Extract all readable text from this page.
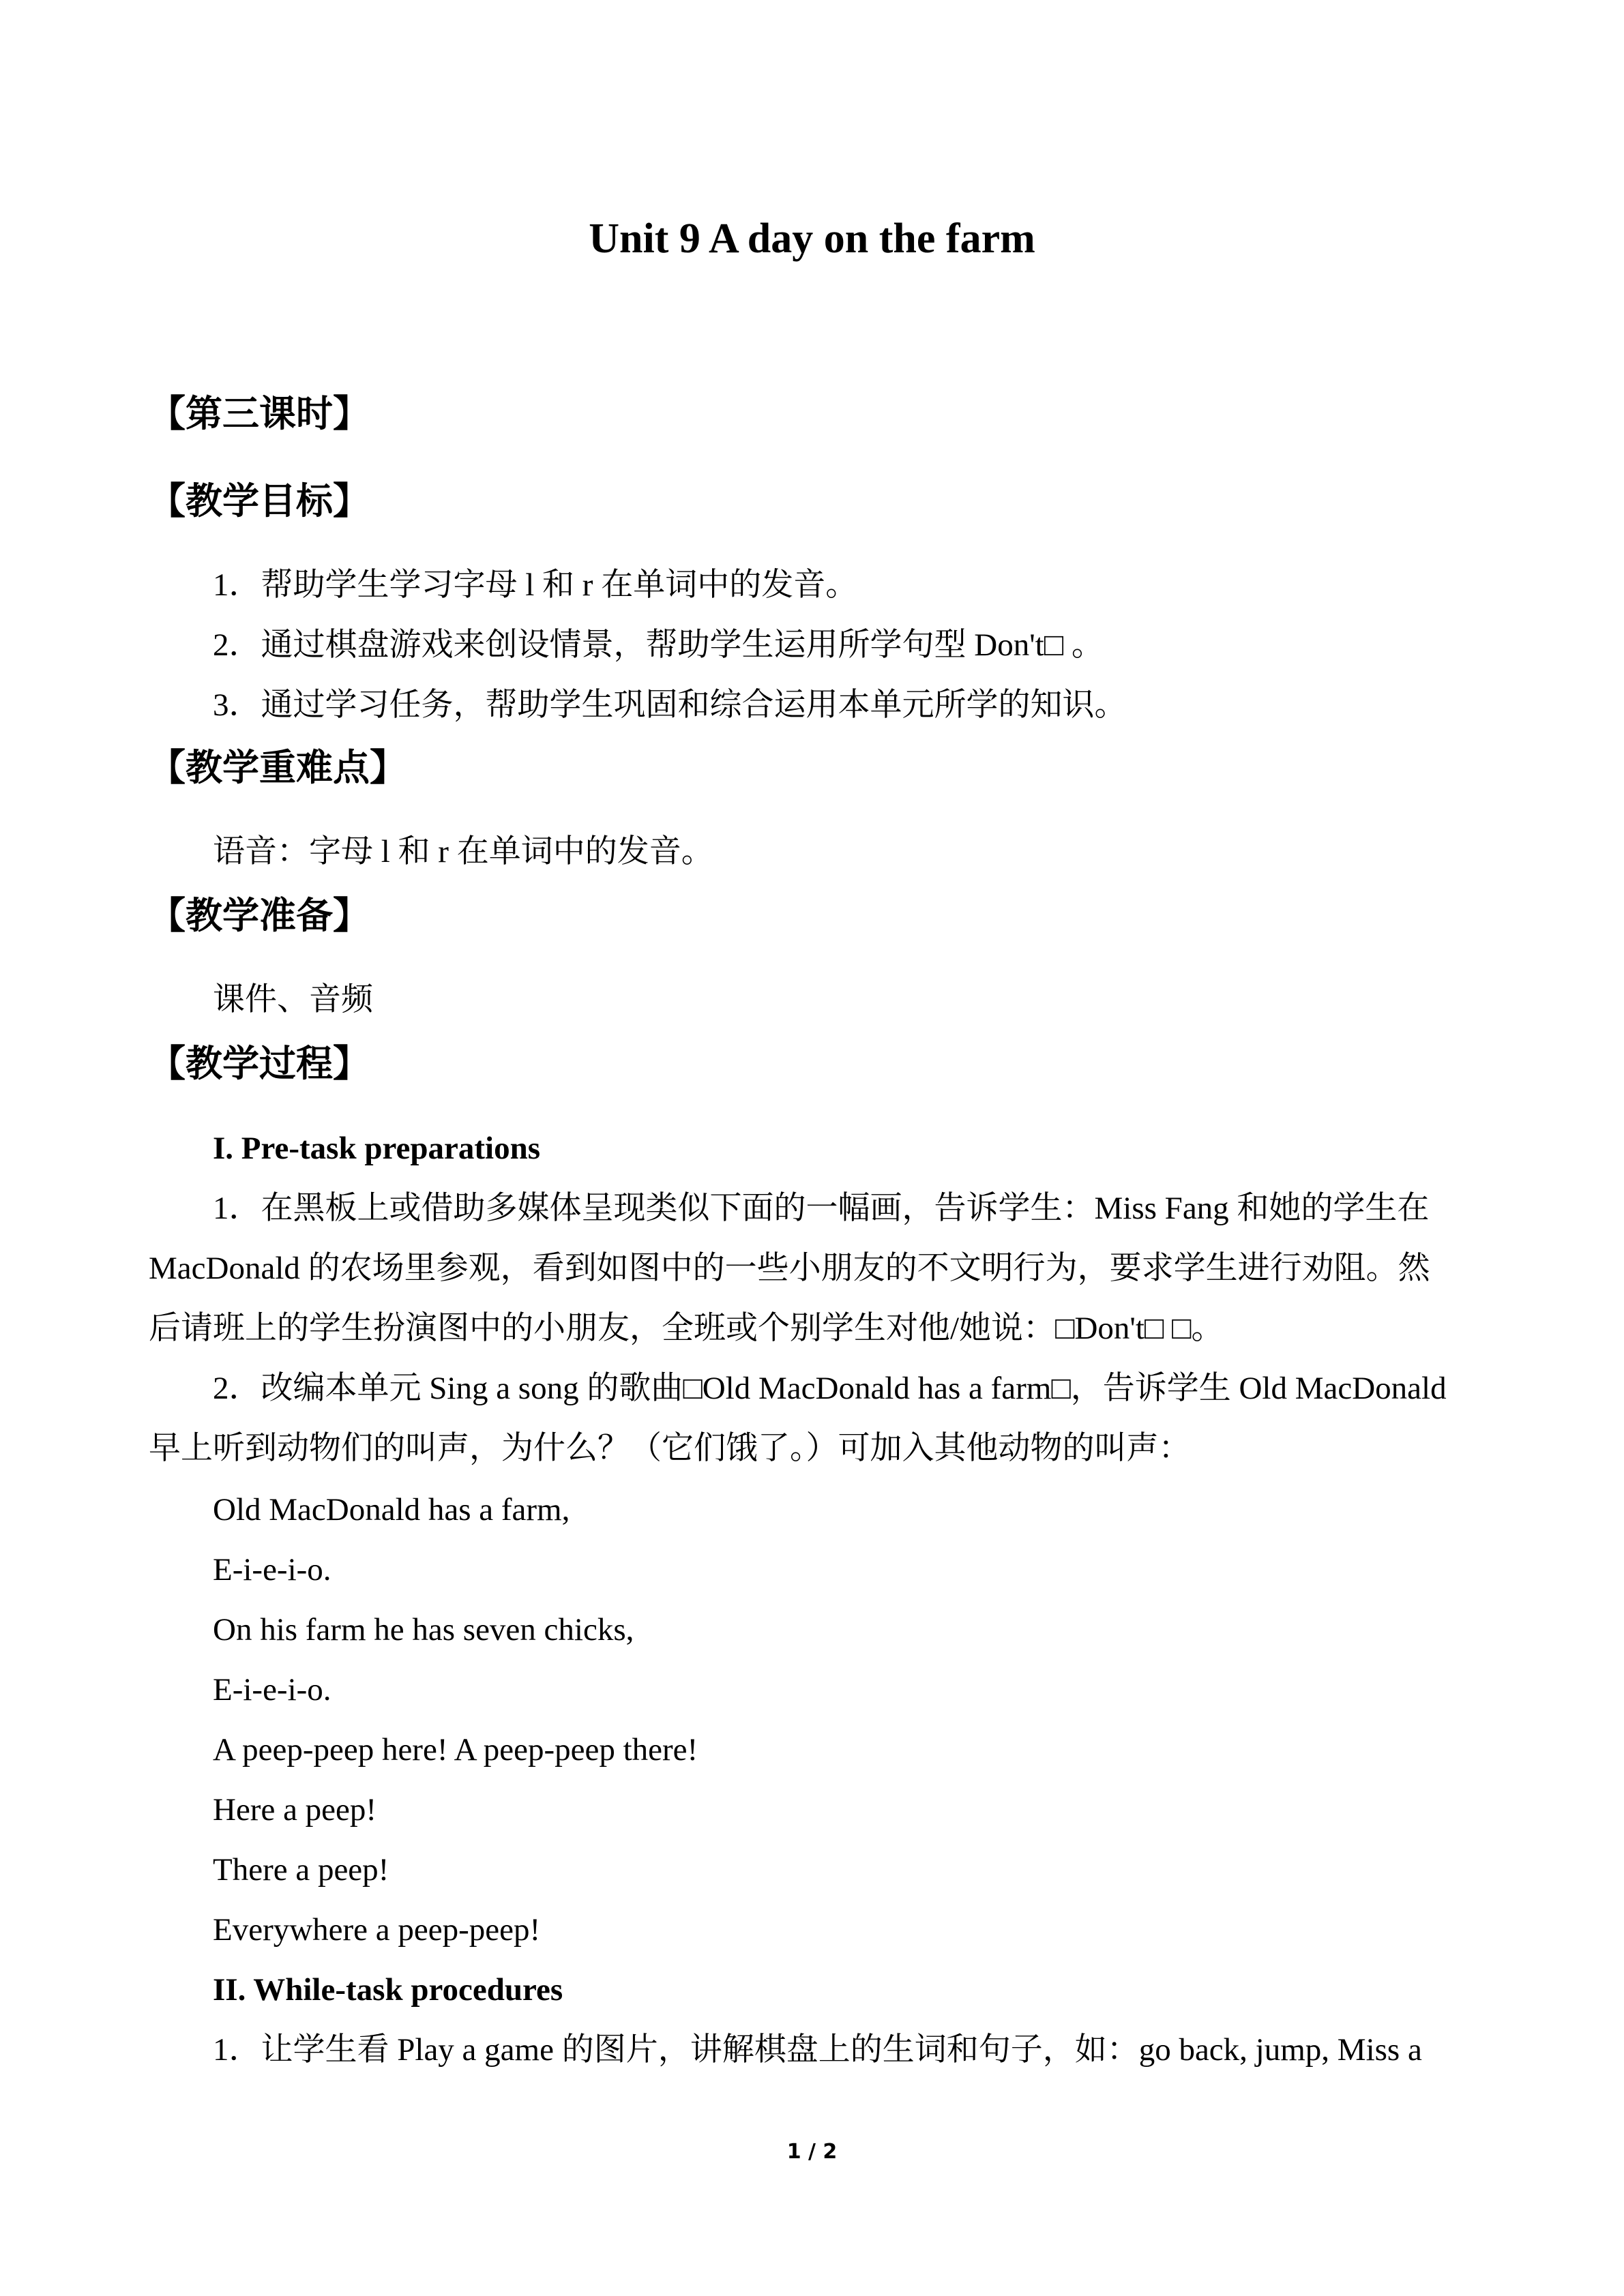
Unit 9 A day on the farm
【第三课时】
【教学目标】
1．帮助学生学习字母 l 和 r 在单词中的发音。
2．通过棋盘游戏来创设情景，帮助学生运用所学句型 Don't□ 。
3．通过学习任务，帮助学生巩固和综合运用本单元所学的知识。
【教学重难点】
语音：字母 l 和 r 在单词中的发音。
【教学准备】
课件、音频
【教学过程】
I. Pre-task preparations
1．在黑板上或借助多媒体呈现类似下面的一幅画，告诉学生：Miss Fang 和她的学生在
MacDonald 的农场里参观，看到如图中的一些小朋友的不文明行为，要求学生进行劝阻。然
后请班上的学生扮演图中的小朋友，全班或个别学生对他/她说：□Don't□ □。
2．改编本单元 Sing a song 的歌曲□Old MacDonald has a farm□，告诉学生 Old MacDonald
早上听到动物们的叫声，为什么？（它们饿了。）可加入其他动物的叫声：
Old MacDonald has a farm,
E-i-e-i-o.
On his farm he has seven chicks,
E-i-e-i-o.
A peep-peep here! A peep-peep there!
Here a peep!
There a peep!
Everywhere a peep-peep!
II. While-task procedures
1．让学生看 Play a game 的图片，讲解棋盘上的生词和句子，如：go back, jump, Miss a
1 / 2
